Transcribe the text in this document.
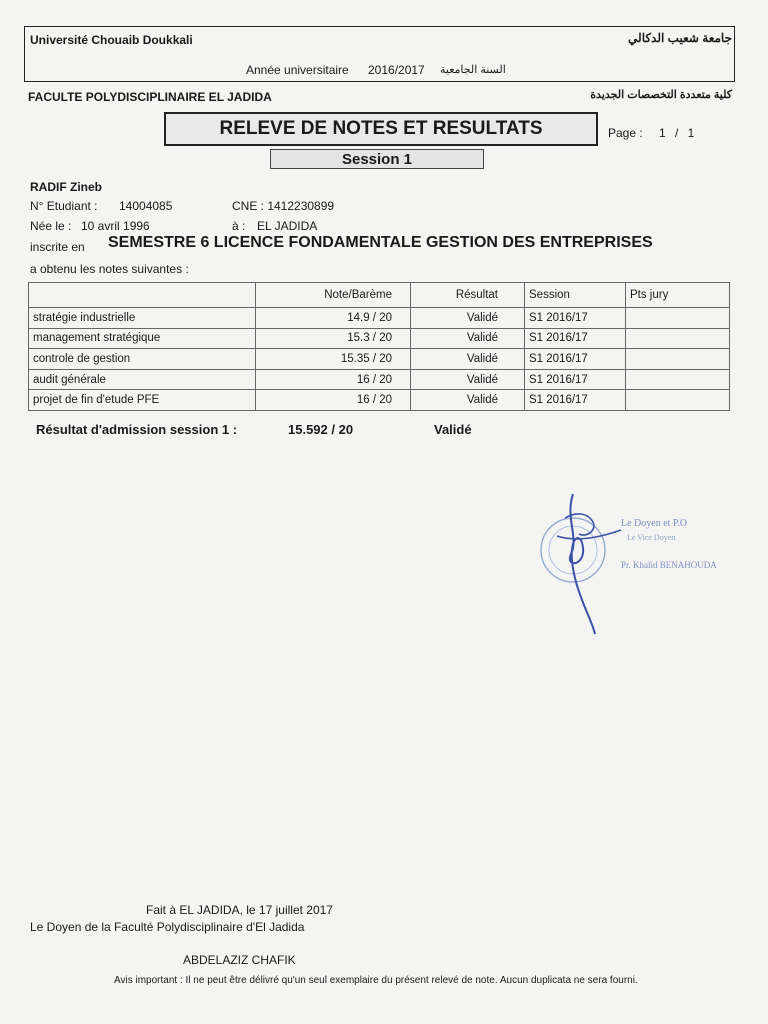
Université Chouaib Doukkali	جامعة شعيب الدكالي
Année universitaire 2016/2017 السنة الجامعية
FACULTE POLYDISCIPLINAIRE EL JADIDA	كلية متعددة التخصصات الجديدة
RELEVE DE NOTES ET RESULTATS	Page : 1 / 1
Session 1
RADIF Zineb
N° Etudiant : 14004085	CNE : 1412230899
Née le : 10 avril 1996	à : EL JADIDA
inscrite en SEMESTRE 6 LICENCE FONDAMENTALE GESTION DES ENTREPRISES
a obtenu les notes suivantes :
	Note/Barème	Résultat	Session	Pts jury
stratégie industrielle	14.9 / 20	Validé	S1 2016/17	
management stratégique	15.3 / 20	Validé	S1 2016/17	
controle de gestion	15.35 / 20	Validé	S1 2016/17	
audit générale	16 / 20	Validé	S1 2016/17	
projet de fin d'etude PFE	16 / 20	Validé	S1 2016/17	
Résultat d'admission session 1 :	15.592 / 20	Validé
Le Doyen et P.O
Le Vice Doyen
Pr. Khalid BENAHOUDA
Fait à EL JADIDA, le 17 juillet 2017
Le Doyen de la Faculté Polydisciplinaire d'El Jadida
ABDELAZIZ CHAFIK
Avis important : Il ne peut être délivré qu'un seul exemplaire du présent relevé de note. Aucun duplicata ne sera fourni.
